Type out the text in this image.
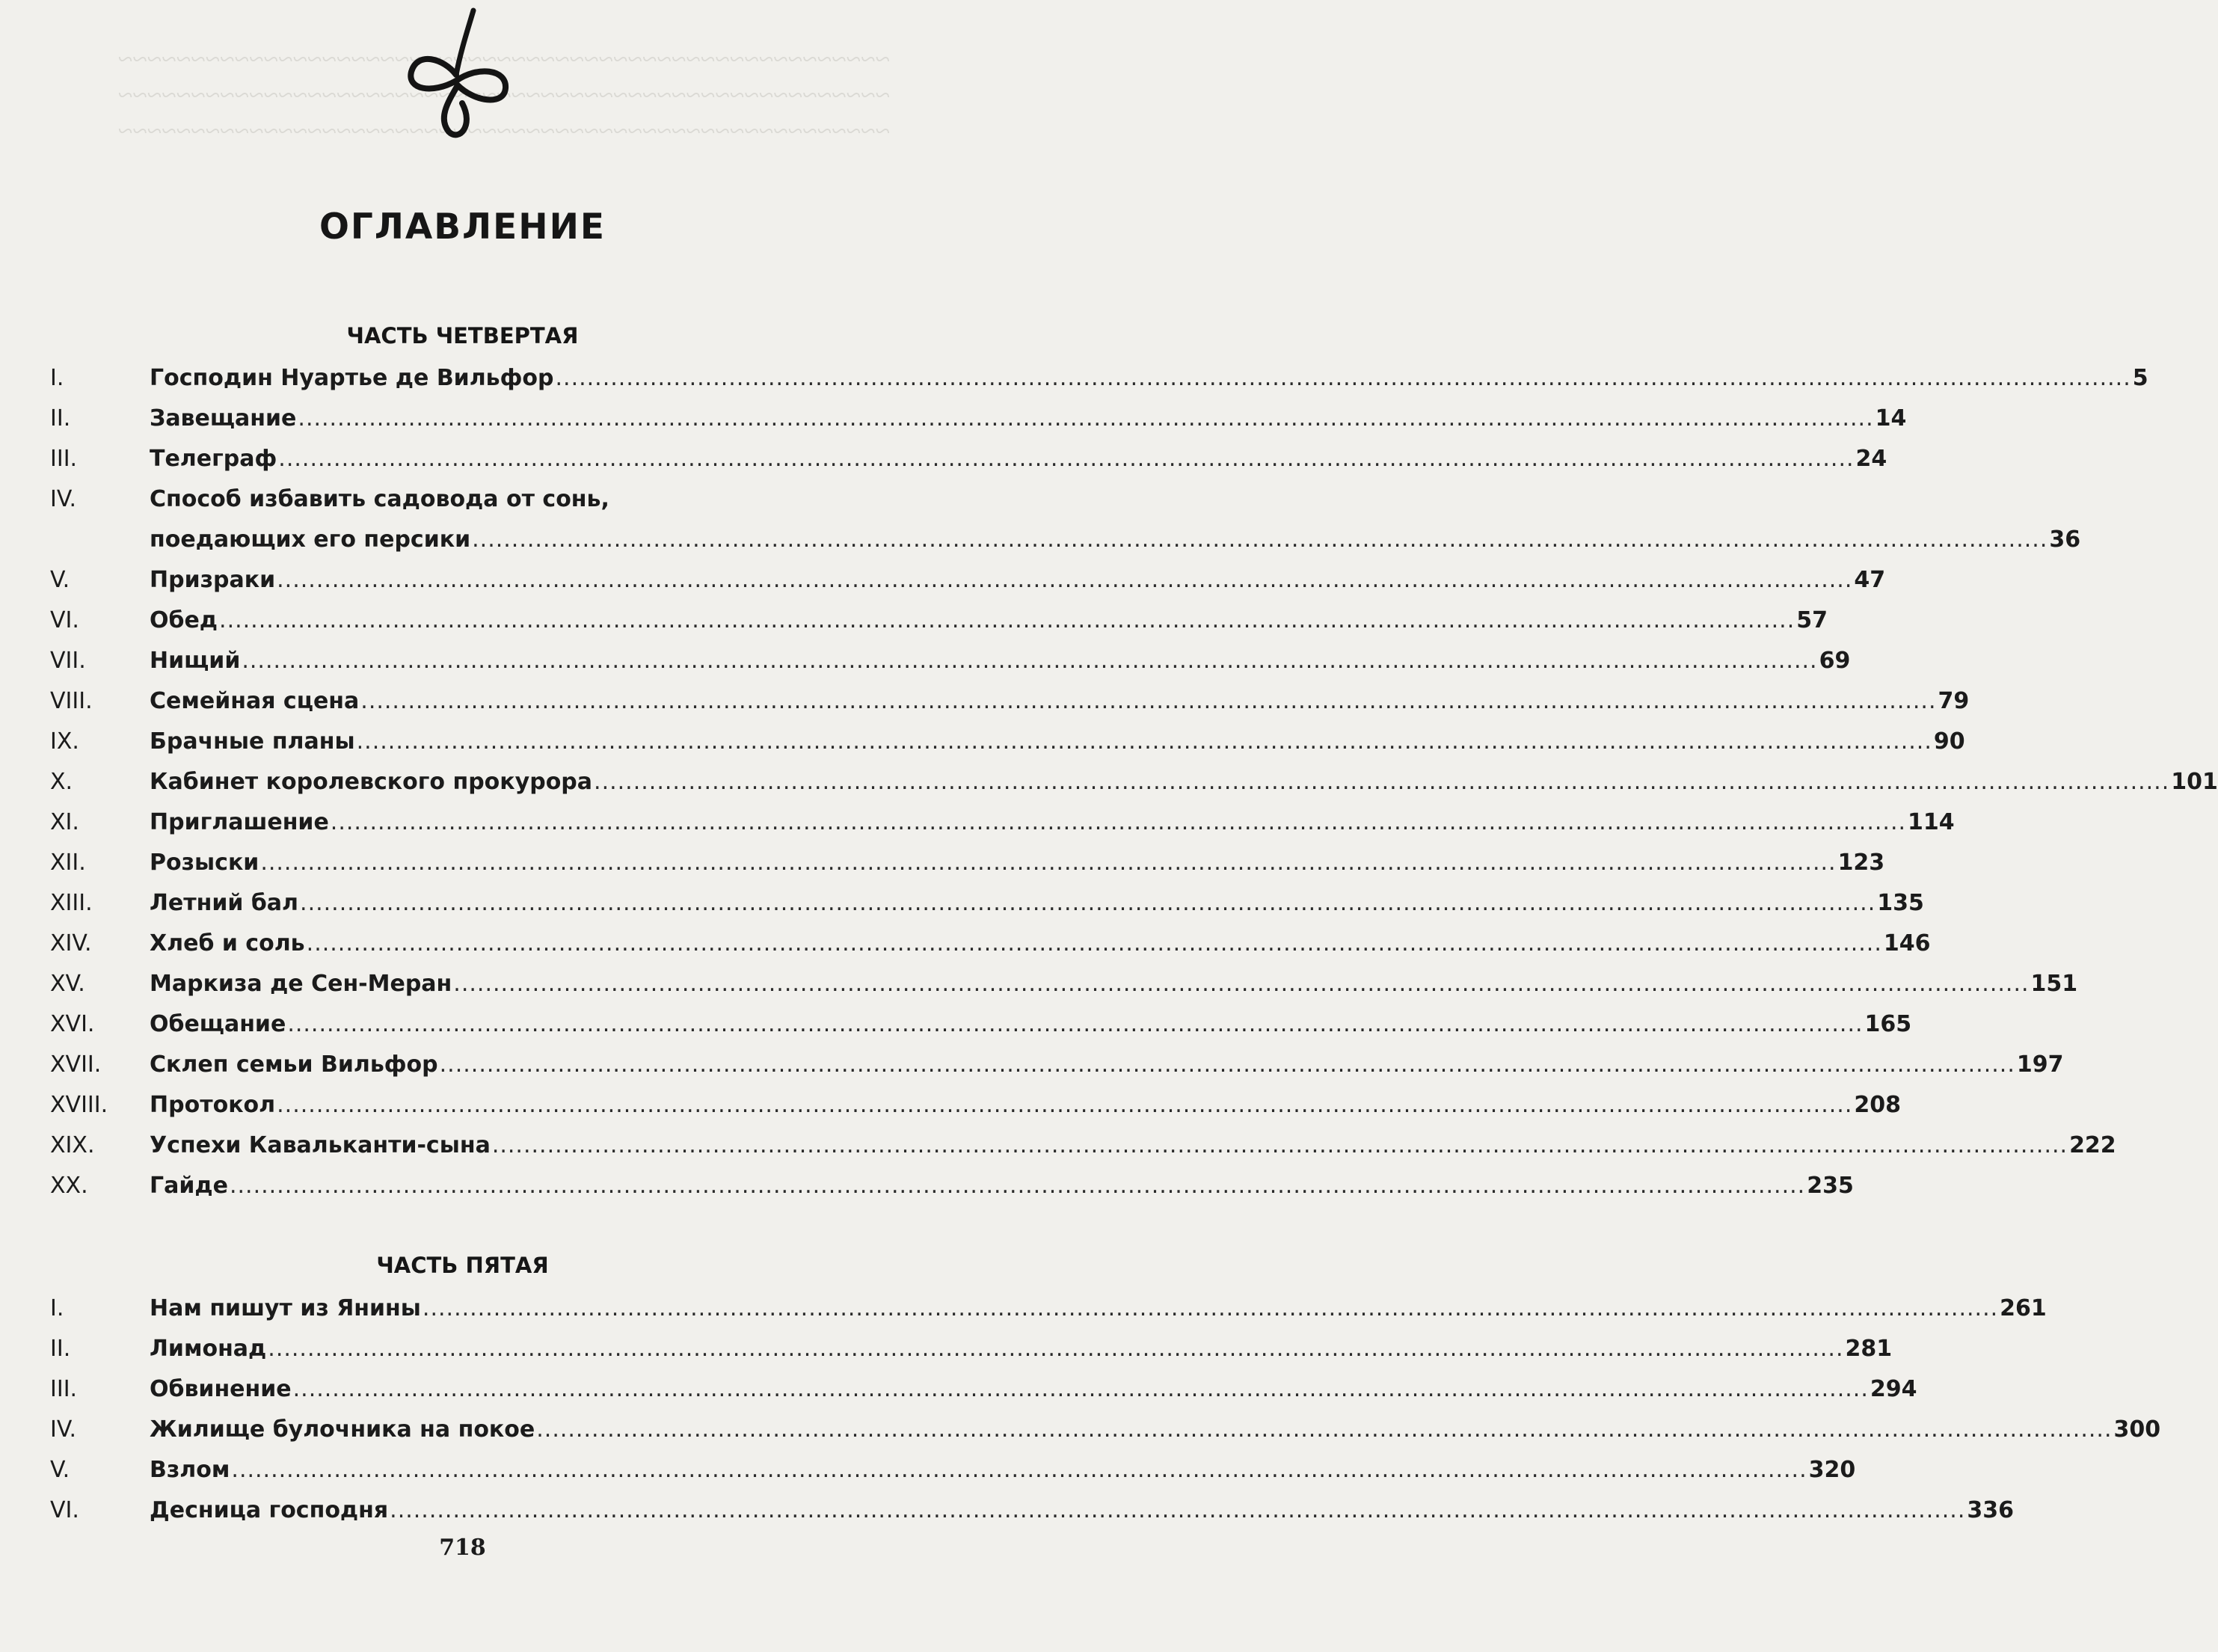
~~~~~~~~~~~~~~~~~~~~~~~~~~~~~~~~~~~~~~~~~~~~~~~~~~~~~
~~~~~~~~~~~~~~~~~~~~~~~~~~~~~~~~~~~~~~~~~~~~~~~~~~~~~
~~~~~~~~~~~~~~~~~~~~~~~~~~~~~~~~~~~~~~~~~~~~~~~~~~~~~
ОГЛАВЛЕНИЕ
ЧАСТЬ ЧЕТВЕРТАЯ
I.	Господин Нуартье де Вильфор ........................................................................................................................................................................................................ 5
II.	Завещание ........................................................................................................................................................................................................ 14
III.	Телеграф ........................................................................................................................................................................................................ 24
IV.	Способ избавить садовода от сонь,
поедающих его персики ........................................................................................................................................................................................................ 36
V.	Призраки ........................................................................................................................................................................................................ 47
VI.	Обед ........................................................................................................................................................................................................ 57
VII.	Нищий ........................................................................................................................................................................................................ 69
VIII.	Семейная сцена ........................................................................................................................................................................................................ 79
IX.	Брачные планы ........................................................................................................................................................................................................ 90
X.	Кабинет королевского прокурора ........................................................................................................................................................................................................ 101
XI.	Приглашение ........................................................................................................................................................................................................ 114
XII.	Розыски ........................................................................................................................................................................................................ 123
XIII.	Летний бал ........................................................................................................................................................................................................ 135
XIV.	Хлеб и соль ........................................................................................................................................................................................................ 146
XV.	Маркиза де Сен-Меран ........................................................................................................................................................................................................ 151
XVI. Обещание ........................................................................................................................................................................................................ 165
XVII. Склеп семьи Вильфор ........................................................................................................................................................................................................ 197
XVIII. Протокол ........................................................................................................................................................................................................ 208
XIX. Успехи Кавальканти-сына ........................................................................................................................................................................................................ 222
XX.	Гайде ........................................................................................................................................................................................................ 235
ЧАСТЬ ПЯТАЯ
I.	Нам пишут из Янины ........................................................................................................................................................................................................ 261
II.	Лимонад ........................................................................................................................................................................................................ 281
III.	Обвинение ........................................................................................................................................................................................................ 294
IV.	Жилище булочника на покое ........................................................................................................................................................................................................ 300
V.	Взлом ........................................................................................................................................................................................................ 320
VI.	Десница господня ........................................................................................................................................................................................................ 336
718
